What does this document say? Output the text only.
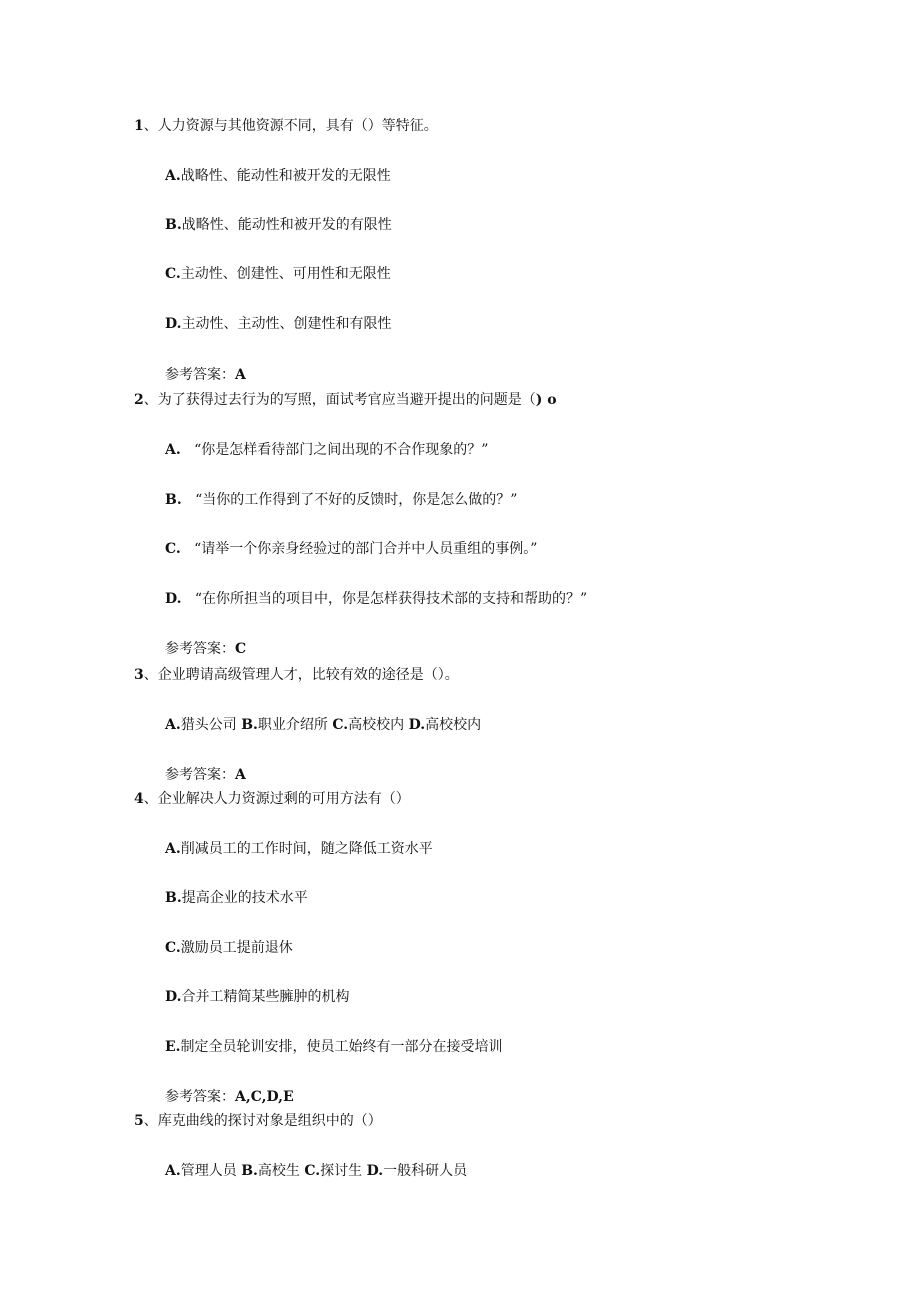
1、人力资源与其他资源不同，具有（）等特征。
A.战略性、能动性和被开发的无限性
B.战略性、能动性和被开发的有限性
C.主动性、创建性、可用性和无限性
D.主动性、主动性、创建性和有限性
参考答案：A
2、为了获得过去行为的写照，面试考官应当避开提出的问题是（) o
A. “你是怎样看待部门之间出现的不合作现象的？”
B. “当你的工作得到了不好的反馈时，你是怎么做的？”
C. “请举一个你亲身经验过的部门合并中人员重组的事例。”
D. “在你所担当的项目中，你是怎样获得技术部的支持和帮助的？”
参考答案：C
3、企业聘请高级管理人才，比较有效的途径是（）。
A.猎头公司 B.职业介绍所 C.高校校内 D.高校校内
参考答案：A
4、企业解决人力资源过剩的可用方法有（）
A.削减员工的工作时间，随之降低工资水平
B.提高企业的技术水平
C.激励员工提前退休
D.合并工精简某些臃肿的机构
E.制定全员轮训安排，使员工始终有一部分在接受培训
参考答案：A,C,D,E
5、库克曲线的探讨对象是组织中的（）
A.管理人员 B.高校生 C.探讨生 D.一般科研人员
